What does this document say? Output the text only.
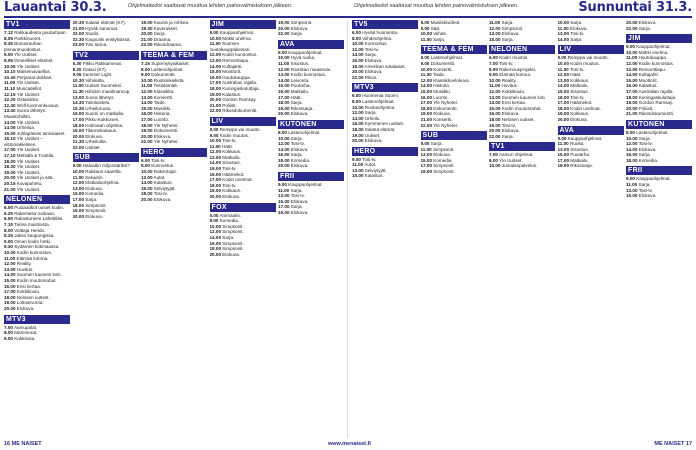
Lauantai 30.3.	Ohjelmatiedot saattavat muuttua lehden painovalmistuksen jälkeen.	Ohjelmatiedot saattavat muuttua lehden painovalmistuksen jälkeen.	Sunnuntai 31.3.
TV1
7.12 Rakkaudesta puutarhaan.
8.05 Parkkinuoret.
8.35 Bonusrauhan pinnanmuodostus.
9.00 Yle Uutiset.
9.05 Ihmeelliset eläimet.
10.05 Yle Uutiset.
10.10 Maisemavaellus.
10.40 Perjantai-dokkari.
11.00 Yle Uutiset.
11.10 Muscadellot.
12.15 Yle Uutiset.
12.20 Ostaisinko.
12.40 Wolf-luonnonkuvaus.
13.40 Suora lähetys: Maastohiihto.
14.00 Yle Uutiset.
14.05 Urheilua.
15.00 Juhlapäivän tanssiaiset.
16.10 Yle Uutiset – viittomakielinen.
17.00 Yle Uutiset.
17.10 Metsälä & Tuuttila.
18.00 Yle Uutiset.
18.30 Yle Uutiset.
19.00 Yle Uutiset.
20.00 Yle Uutiset ja sää.
20.15 Kuvapuhelu.
21.00 Yle Uutiset.
NELONEN
6.00 Puulaatikot uusiet kodin.
6.25 Rakenteita ruokaan.
6.50 Rakastuneen Lähettiläs.
7.15 Tarina muistoista.
8.00 Voittaja Hendo.
8.25 Jakso kaupungissa.
9.00 Oman kodin hetki.
9.30 Sydämen kotimaassa.
10.00 Kodin kunnostus.
11.00 Elämää kotona.
12.00 Reality.
13.00 Huvitus.
14.00 Suomen kaunein koti.
15.00 Kodin muutosrahat.
16.00 Ensi kertaa.
17.00 Kokkikoulu.
18.00 Nelosen uutiset.
19.00 Lottoarvonta.
20.00 Elokuva.
MTV3
7.00 Aamupalat.
8.00 Mammorat.
9.00 Kokkisota.
20.30 Salatut elämät (K7).
21.00 Hyväk sanomat.
22.00 Studio.
22.30 Kaupunki eristyksissä.
23.00 Tosi tarina.
TV2
6.30 Pikku Rakkaimmat.
8.20 Galaxi (K7).
9.05 Summer Light.
10.30 Viihdeilta.
11.00 Uutiset Suomeksi.
11.30 Hiihdon maailmancup.
13.00 Suora lähetys.
14.30 Taitoluistelu.
15.30 Urheiluruutu.
16.00 Suomi on matkalla.
17.00 Pikku Kakkonen.
18.00 Kotimaan ohjelma.
19.00 Tilannekatsaus.
20.00 Elokuva.
21.30 Urheiluilta.
22.00 Uutiset.
SUB
9.00 Haluatko miljonääriksi?
10.00 Rakkaus saarella.
11.00 Sekaisin.
12.00 Matkailuohjelma.
13.00 Elokuva.
15.00 Komedia.
17.00 Sarja.
18.00 Simpsonit.
19.00 Simpsonit.
20.00 Elokuva.
19.00 Kaunis ja rohkea.
19.30 Kaverukset.
20.00 Sarja.
21.00 Draama.
22.00 Rikosdraama.
TEEMA & FEM
7.15 Supernykyaikaiset.
8.00 Lastenohjelmat.
9.00 Dokumentti.
10.00 Ruotsinkielistä.
11.00 Tosielämää.
12.00 Klassikko.
13.00 Konsertti.
14.00 Taide.
15.00 Musiikki.
16.00 Historia.
17.00 Luonto.
18.00 Yle Nyheter.
19.00 Dokumentti.
20.00 Elokuva.
22.00 Yle Nyheter.
HERO
6.00 Tosi-tv.
8.00 Kunnostus.
10.00 Rakentajat.
12.00 Autot.
14.00 Kalastus.
16.00 Selviytyjät.
18.00 Tosi-tv.
20.00 Elokuva.
JIM
9.00 Kauppaohjelmat.
10.00 Mökki unelma.
11.00 Suomen huutokauppakeisari.
12.00 Kodin kunnostus.
13.00 Remonttiapu.
14.00 Kultajahti.
15.00 Moottorit.
16.00 Huutokauppa.
17.00 Australian rajalla.
18.00 Kuningaskuluttaja.
19.00 Kalastus.
20.00 Gordon Ramsay.
21.00 Poliisit.
22.00 Rikosdokumentti.
LIV
8.00 Remppa vai muutto.
9.00 Kodin muutos.
10.00 Tosi-tv.
11.00 Häät.
12.00 Kokkaus.
13.00 Matkailu.
14.00 Sisustus.
15.00 Tosi-tv.
16.00 Häämekot.
17.00 Kodin unelmat.
18.00 Tosi-tv.
19.00 Kokkaus.
20.00 Elokuva.
FOX
6.00 Animaatio.
8.00 Komedia.
10.00 Simpsonit.
12.00 Simpsonit.
14.00 Sarja.
16.00 Simpsonit.
18.00 Simpsonit.
20.00 Elokuva.
19.00 Simpsonit.
20.00 Elokuva.
22.00 Sarja.
AVA
9.00 Kauppaohjelmat.
10.00 Hyvä ruoka.
11.00 Sisustus.
12.00 Ranskan maaseutu.
13.00 Kodin kunnostus.
14.00 Leivonta.
15.00 Puutarha.
16.00 Matkailu.
17.00 Häät.
18.00 Sarja.
19.00 Rikossarja.
20.00 Elokuva.
KUTONEN
8.00 Lastenohjelmat.
10.00 Sarja.
12.00 Tosi-tv.
14.00 Elokuva.
16.00 Sarja.
18.00 Komedia.
20.00 Elokuva.
FRII
9.00 Kauppaohjelmat.
11.00 Sarja.
13.00 Tosi-tv.
15.00 Elokuva.
17.00 Sarja.
19.00 Elokuva.
TV5
6.00 Hyvää huomenta.
8.00 Viihdeohjelma.
10.00 Kunnostus.
12.00 Tosi-tv.
14.00 Sarja.
16.00 Elokuva.
18.00 Amerikan sotalaiset.
20.00 Elokuva.
22.00 Rikos.
MTV3
6.00 Huomenta Suomi.
8.00 Lastenohjelmat.
10.00 Ruokaohjelma.
12.00 Sarja.
14.00 Urheilu.
16.00 Kymmenen uutiset.
18.00 Salatut elämät.
19.00 Uutiset.
20.00 Elokuva.
HERO
9.00 Tosi-tv.
11.00 Autot.
13.00 Selviytyjät.
15.00 Kalastus.
8.00 Musiikkivideot.
9.00 Sää.
10.00 Viihde.
11.00 Sarja.
TEEMA & FEM
8.00 Lastenohjelmat.
9.00 Dokumentti.
10.00 Konsertti.
11.00 Taide.
12.00 Klassikkoelokuva.
14.00 Historia.
15.00 Musiikki.
16.00 Luonto.
17.00 Yle Nyheter.
18.00 Dokumentti.
19.00 Elokuva.
21.00 Konsertti.
22.00 Yle Nyheter.
SUB
9.00 Sarja.
11.00 Simpsonit.
13.00 Elokuva.
15.00 Komedia.
17.00 Simpsonit.
19.00 Simpsonit.
11.00 Sarja.
12.00 Simpsonit.
13.00 Elokuva.
15.00 Sarja.
NELONEN
6.00 Kodin muutos.
7.00 Tosi-tv.
8.00 Rakennusprojekti.
9.00 Elämää kotona.
10.00 Reality.
11.00 Huvitus.
12.00 Kokkikoulu.
13.00 Suomen kaunein koti.
14.00 Ensi kertaa.
15.00 Kodin muutosrahat.
16.00 Elokuva.
18.00 Nelosen uutiset.
19.00 Tosi-tv.
20.00 Elokuva.
22.00 Sarja.
TV1
7.00 Aamun ohjelmat.
9.00 Yle Uutiset.
10.00 Jumalanpalvelus.
10.00 Sarja.
11.00 Elokuva.
13.00 Tosi-tv.
14.00 Sarja.
LIV
9.00 Remppa vai muutto.
10.00 Kodin muutos.
11.00 Tosi-tv.
12.00 Häät.
13.00 Kokkaus.
14.00 Matkailu.
15.00 Sisustus.
16.00 Tosi-tv.
17.00 Häämekot.
18.00 Kodin unelmat.
19.00 Kokkaus.
20.00 Elokuva.
AVA
9.00 Kauppaohjelmat.
11.00 Ruoka.
13.00 Sisustus.
15.00 Puutarha.
17.00 Matkailu.
19.00 Rikossarja.
20.00 Elokuva.
22.00 Sarja.
JIM
9.00 Kauppaohjelmat.
10.00 Mökki unelma.
11.00 Huutokauppa.
12.00 Kodin kunnostus.
13.00 Remonttiapu.
14.00 Kultajahti.
15.00 Moottorit.
16.00 Kalastus.
17.00 Australian rajalla.
18.00 Kuningaskuluttaja.
19.00 Gordon Ramsay.
20.00 Poliisit.
21.00 Rikosdokumentti.
KUTONEN
8.00 Lastenohjelmat.
10.00 Sarja.
12.00 Tosi-tv.
14.00 Elokuva.
16.00 Sarja.
18.00 Komedia.
FRII
9.00 Kauppaohjelmat.
11.00 Sarja.
13.00 Tosi-tv.
15.00 Elokuva.
16 ME NAISET	www.menaiset.fi	ME NAISET 17
